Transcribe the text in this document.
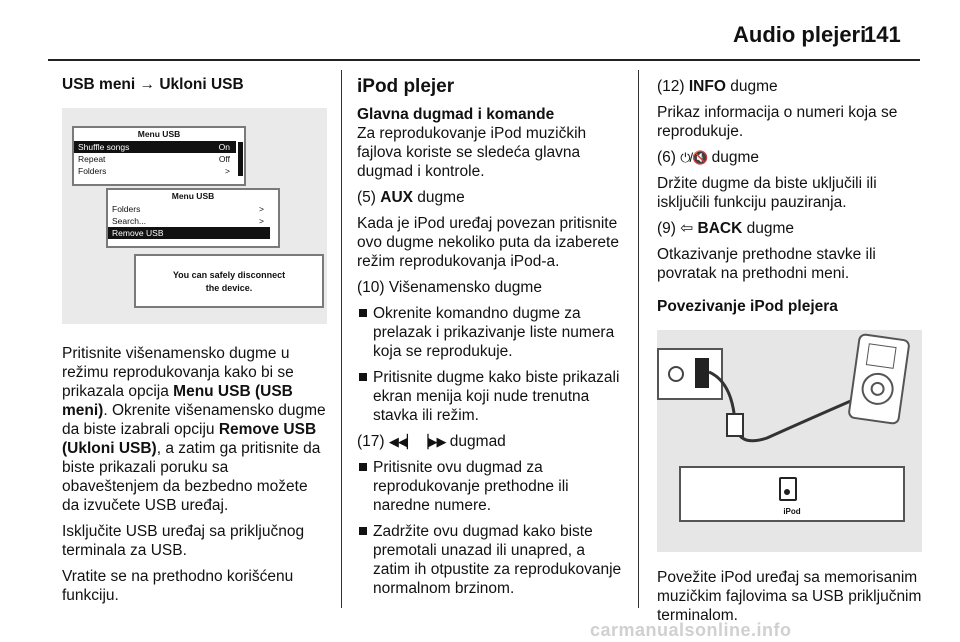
Audio plejeri
141

USB meni → Ukloni USB

Menu USB
Shuffle songs	On
Repeat	Off
Folders	>
Menu USB
Folders	>
Search...	>
Remove USB
You can safely disconnect
the device.

Pritisnite višenamensko dugme u režimu reprodukovanja kako bi se prikazala opcija Menu USB (USB meni). Okrenite višenamensko dugme da biste izabrali opciju Remove USB (Ukloni USB), a zatim ga pritisnite da biste prikazali poruku sa obaveštenjem da bezbedno možete da izvučete USB uređaj.

Isključite USB uređaj sa priključnog terminala za USB.

Vratite se na prethodno korišćenu funkciju.

iPod plejer
Glavna dugmad i komande

Za reprodukovanje iPod muzičkih fajlova koriste se sledeća glavna dugmad i kontrole.

(5) AUX dugme

Kada je iPod uređaj povezan pritisnite ovo dugme nekoliko puta da izaberete režim reprodukovanja iPod-a.

(10) Višenamensko dugme

Okrenite komandno dugme za prelazak i prikazivanje liste numera koja se reprodukuje.

Pritisnite dugme kako biste prikazali ekran menija koji nude trenutna stavka ili režim.

(17) ◀◀▏ ▕▶▶ dugmad

Pritisnite ovu dugmad za reprodukovanje prethodne ili naredne numere.

Zadržite ovu dugmad kako biste premotali unazad ili unapred, a zatim ih otpustite za reprodukovanje normalnom brzinom.

(12) INFO dugme

Prikaz informacija o numeri koja se reprodukuje.

(6) ⏻/🔇 dugme

Držite dugme da biste uključili ili isključili funkciju pauziranja.

(9) ⇦ BACK dugme

Otkazivanje prethodne stavke ili povratak na prethodni meni.

Povezivanje iPod plejera

iPod

Povežite iPod uređaj sa memorisanim muzičkim fajlovima sa USB priključnim terminalom.

carmanualsonline.info
